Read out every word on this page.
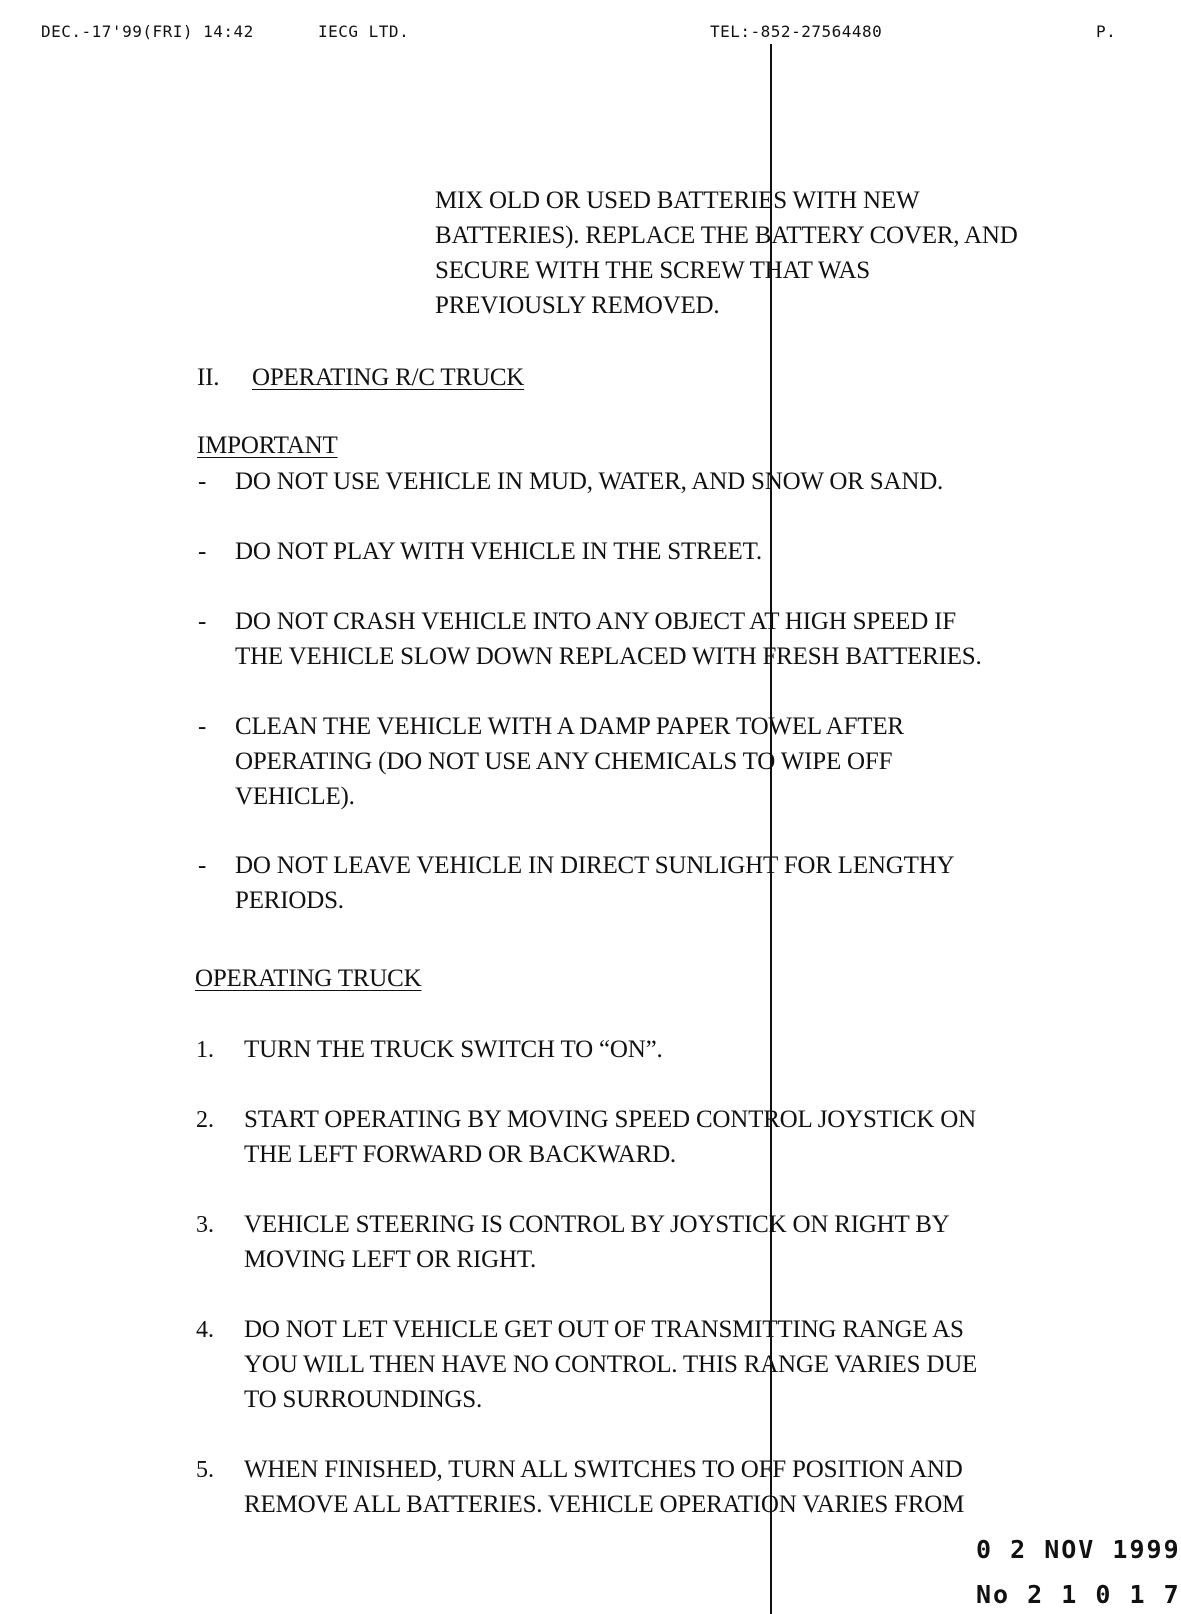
DEC.-17'99(FRI) 14:42	IECG LTD.	TEL:-852-27564480	P.
MIX OLD OR USED BATTERIES WITH NEW
BATTERIES). REPLACE THE BATTERY COVER, AND
SECURE WITH THE SCREW THAT WAS
PREVIOUSLY REMOVED.
II. OPERATING R/C TRUCK
IMPORTANT
- DO NOT USE VEHICLE IN MUD, WATER, AND SNOW OR SAND.
- DO NOT PLAY WITH VEHICLE IN THE STREET.
- DO NOT CRASH VEHICLE INTO ANY OBJECT AT HIGH SPEED IF
THE VEHICLE SLOW DOWN REPLACED WITH FRESH BATTERIES.
- CLEAN THE VEHICLE WITH A DAMP PAPER TOWEL AFTER
OPERATING (DO NOT USE ANY CHEMICALS TO WIPE OFF
VEHICLE).
- DO NOT LEAVE VEHICLE IN DIRECT SUNLIGHT FOR LENGTHY
PERIODS.
OPERATING TRUCK
1. TURN THE TRUCK SWITCH TO “ON”.
2. START OPERATING BY MOVING SPEED CONTROL JOYSTICK ON
THE LEFT FORWARD OR BACKWARD.
3. VEHICLE STEERING IS CONTROL BY JOYSTICK ON RIGHT BY
MOVING LEFT OR RIGHT.
4. DO NOT LET VEHICLE GET OUT OF TRANSMITTING RANGE AS
YOU WILL THEN HAVE NO CONTROL. THIS RANGE VARIES DUE
TO SURROUNDINGS.
5. WHEN FINISHED, TURN ALL SWITCHES TO OFF POSITION AND
REMOVE ALL BATTERIES. VEHICLE OPERATION VARIES FROM
0 2 NOV 1999
No 2 1 0 1 7
